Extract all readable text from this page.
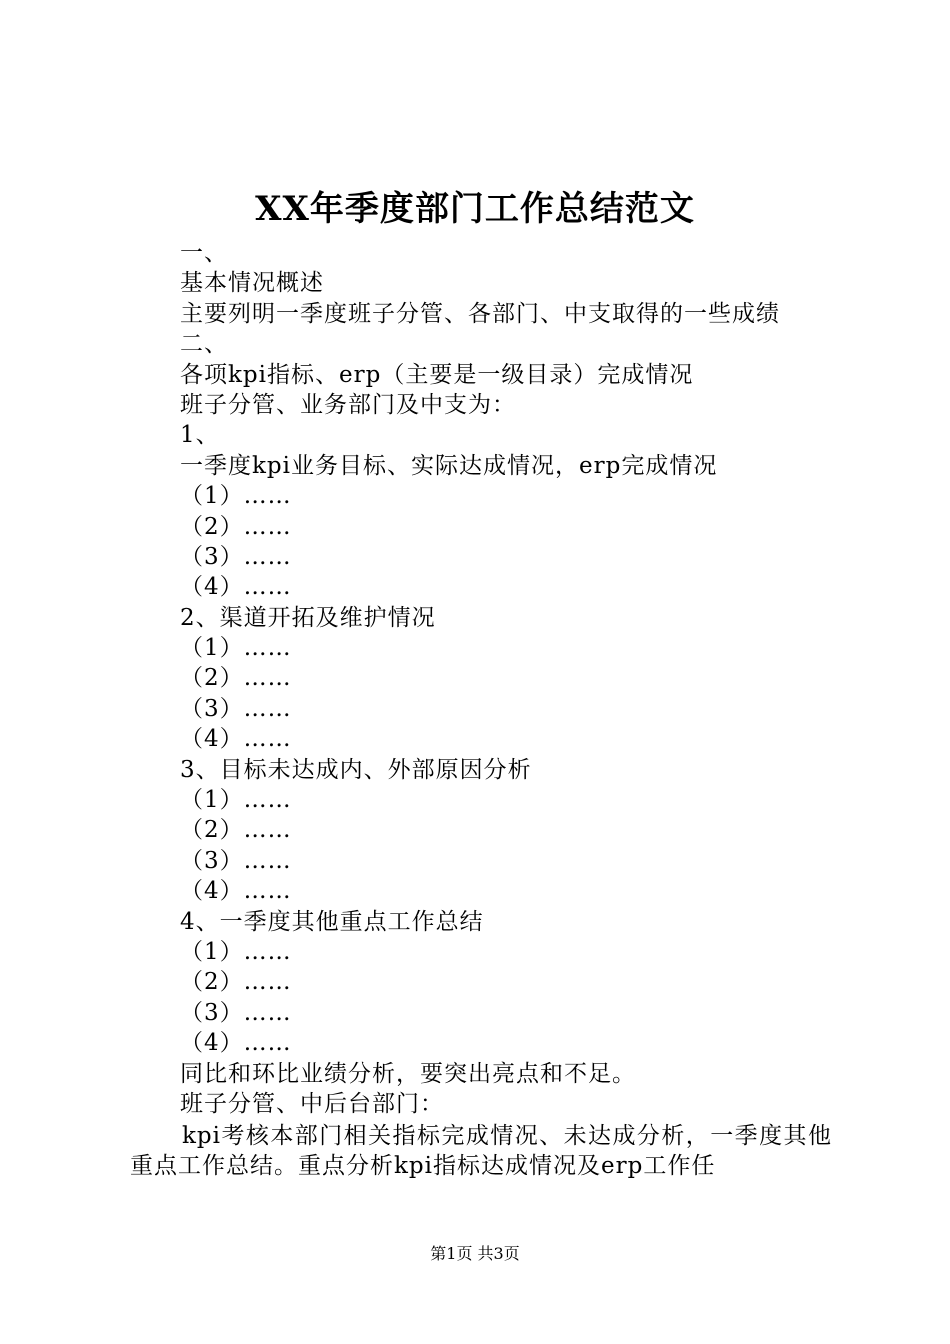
XX年季度部门工作总结范文
一、
基本情况概述
主要列明一季度班子分管、各部门、中支取得的一些成绩
二、
各项kpi指标、erp（主要是一级目录）完成情况
班子分管、业务部门及中支为：
1、
一季度kpi业务目标、实际达成情况，erp完成情况
（1）……
（2）……
（3）……
（4）……
2、渠道开拓及维护情况
（1）……
（2）……
（3）……
（4）……
3、目标未达成内、外部原因分析
（1）……
（2）……
（3）……
（4）……
4、一季度其他重点工作总结
（1）……
（2）……
（3）……
（4）……
同比和环比业绩分析，要突出亮点和不足。
班子分管、中后台部门：
kpi考核本部门相关指标完成情况、未达成分析，一季度其他重点工作总结。重点分析kpi指标达成情况及erp工作任
第1页 共3页
